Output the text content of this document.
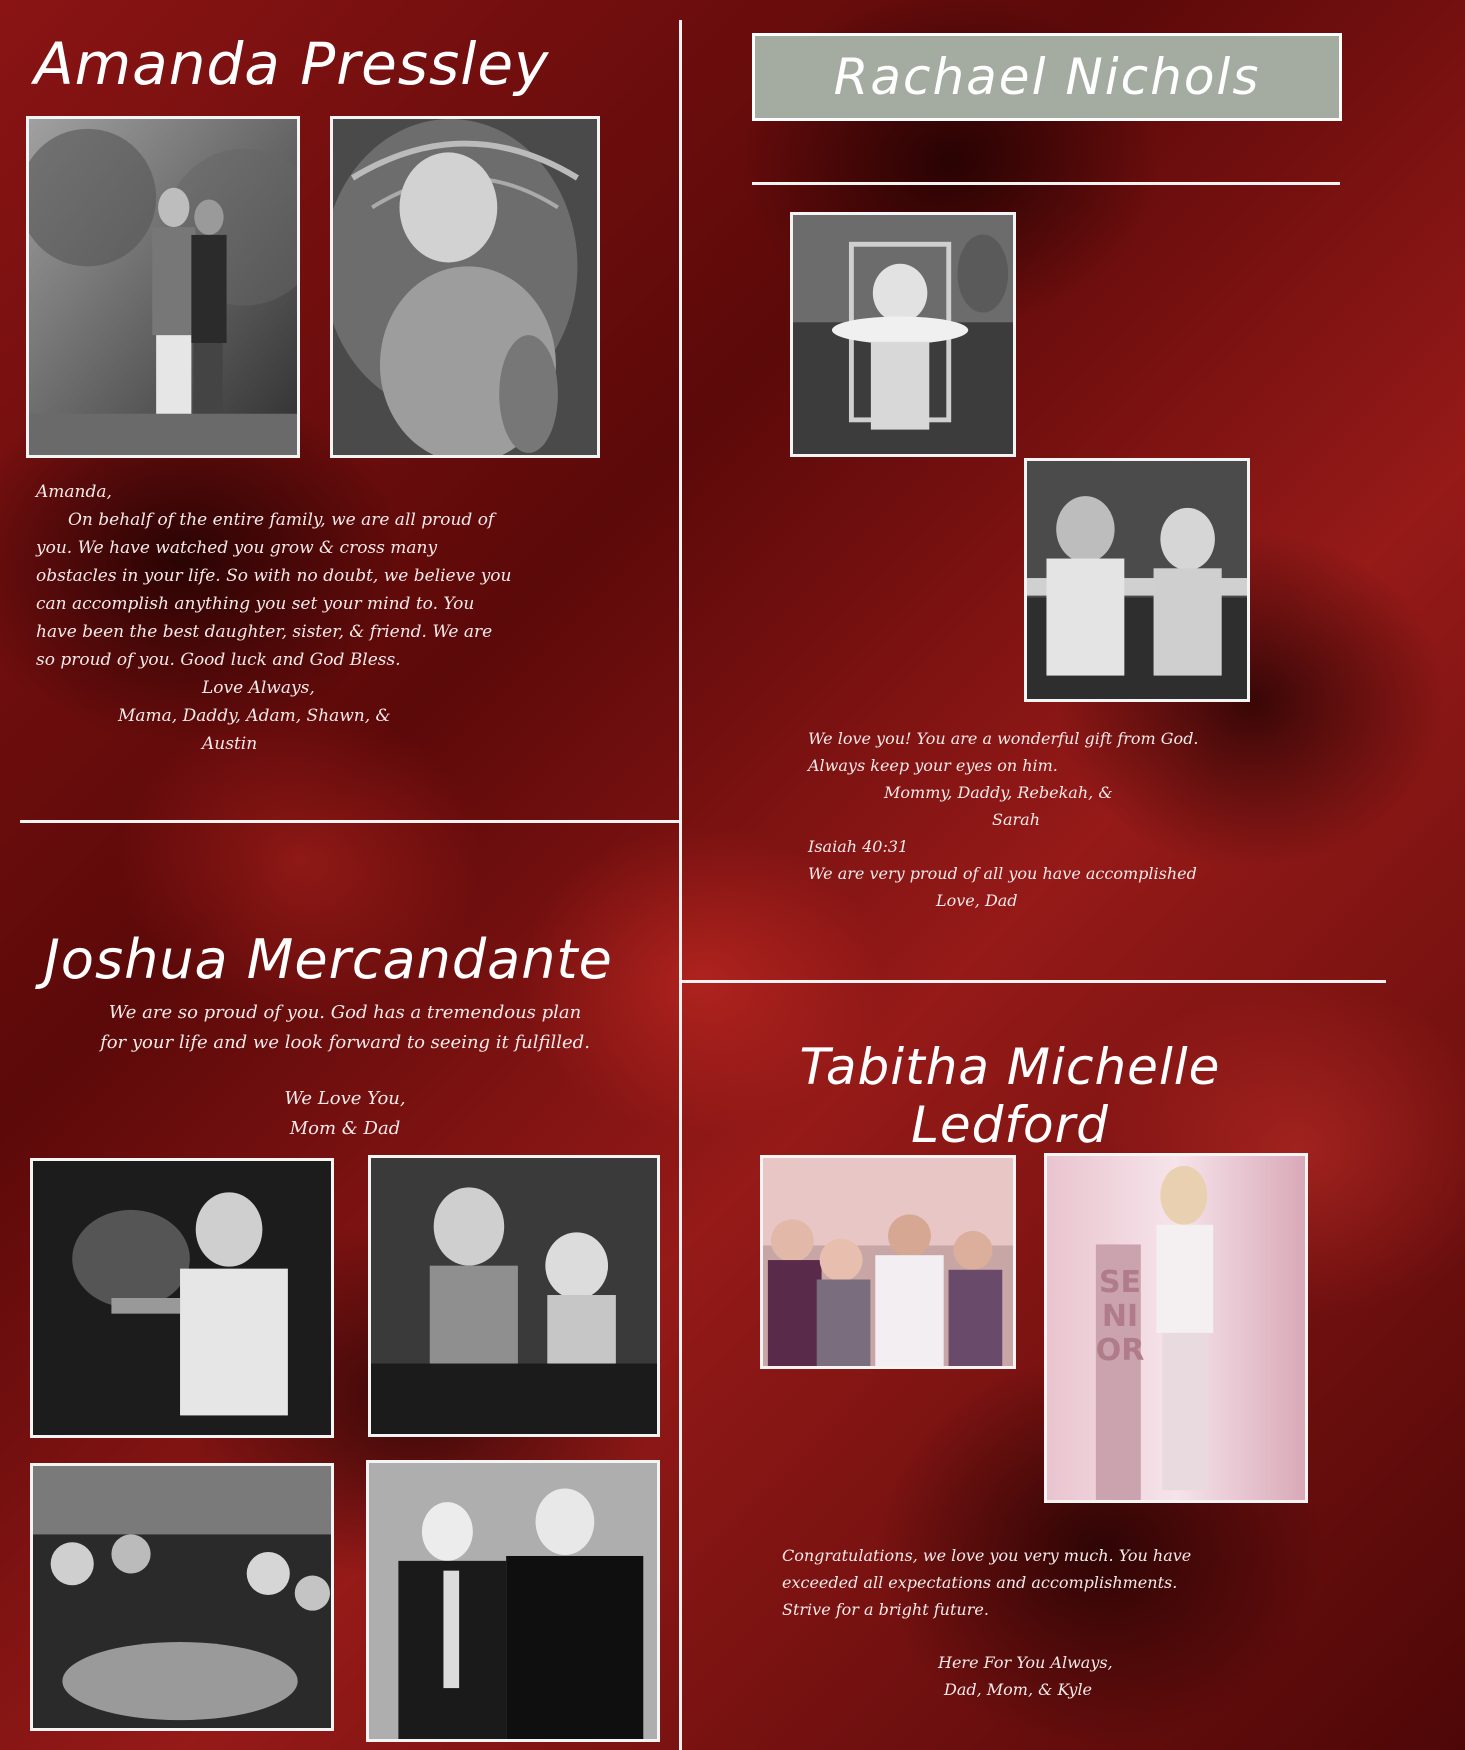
Amanda Pressley

Amanda,

On behalf of the entire family, we are all proud of

you. We have watched you grow & cross many

obstacles in your life. So with no doubt, we believe you

can accomplish anything you set your mind to. You

have been the best daughter, sister, & friend. We are

so proud of you. Good luck and God Bless.

Love Always,

Mama, Daddy, Adam, Shawn, &

Austin

Rachael Nichols

We love you! You are a wonderful gift from God.

Always keep your eyes on him.

Mommy, Daddy, Rebekah, &

Sarah

Isaiah 40:31

We are very proud of all you have accomplished

Love, Dad

Joshua Mercandante

We are so proud of you. God has a tremendous plan

for your life and we look forward to seeing it fulfilled.

We Love You,

Mom & Dad

Tabitha Michelle
Ledford
SENIOR

Congratulations, we love you very much. You have

exceeded all expectations and accomplishments.

Strive for a bright future.

Here For You Always,

Dad, Mom, & Kyle
